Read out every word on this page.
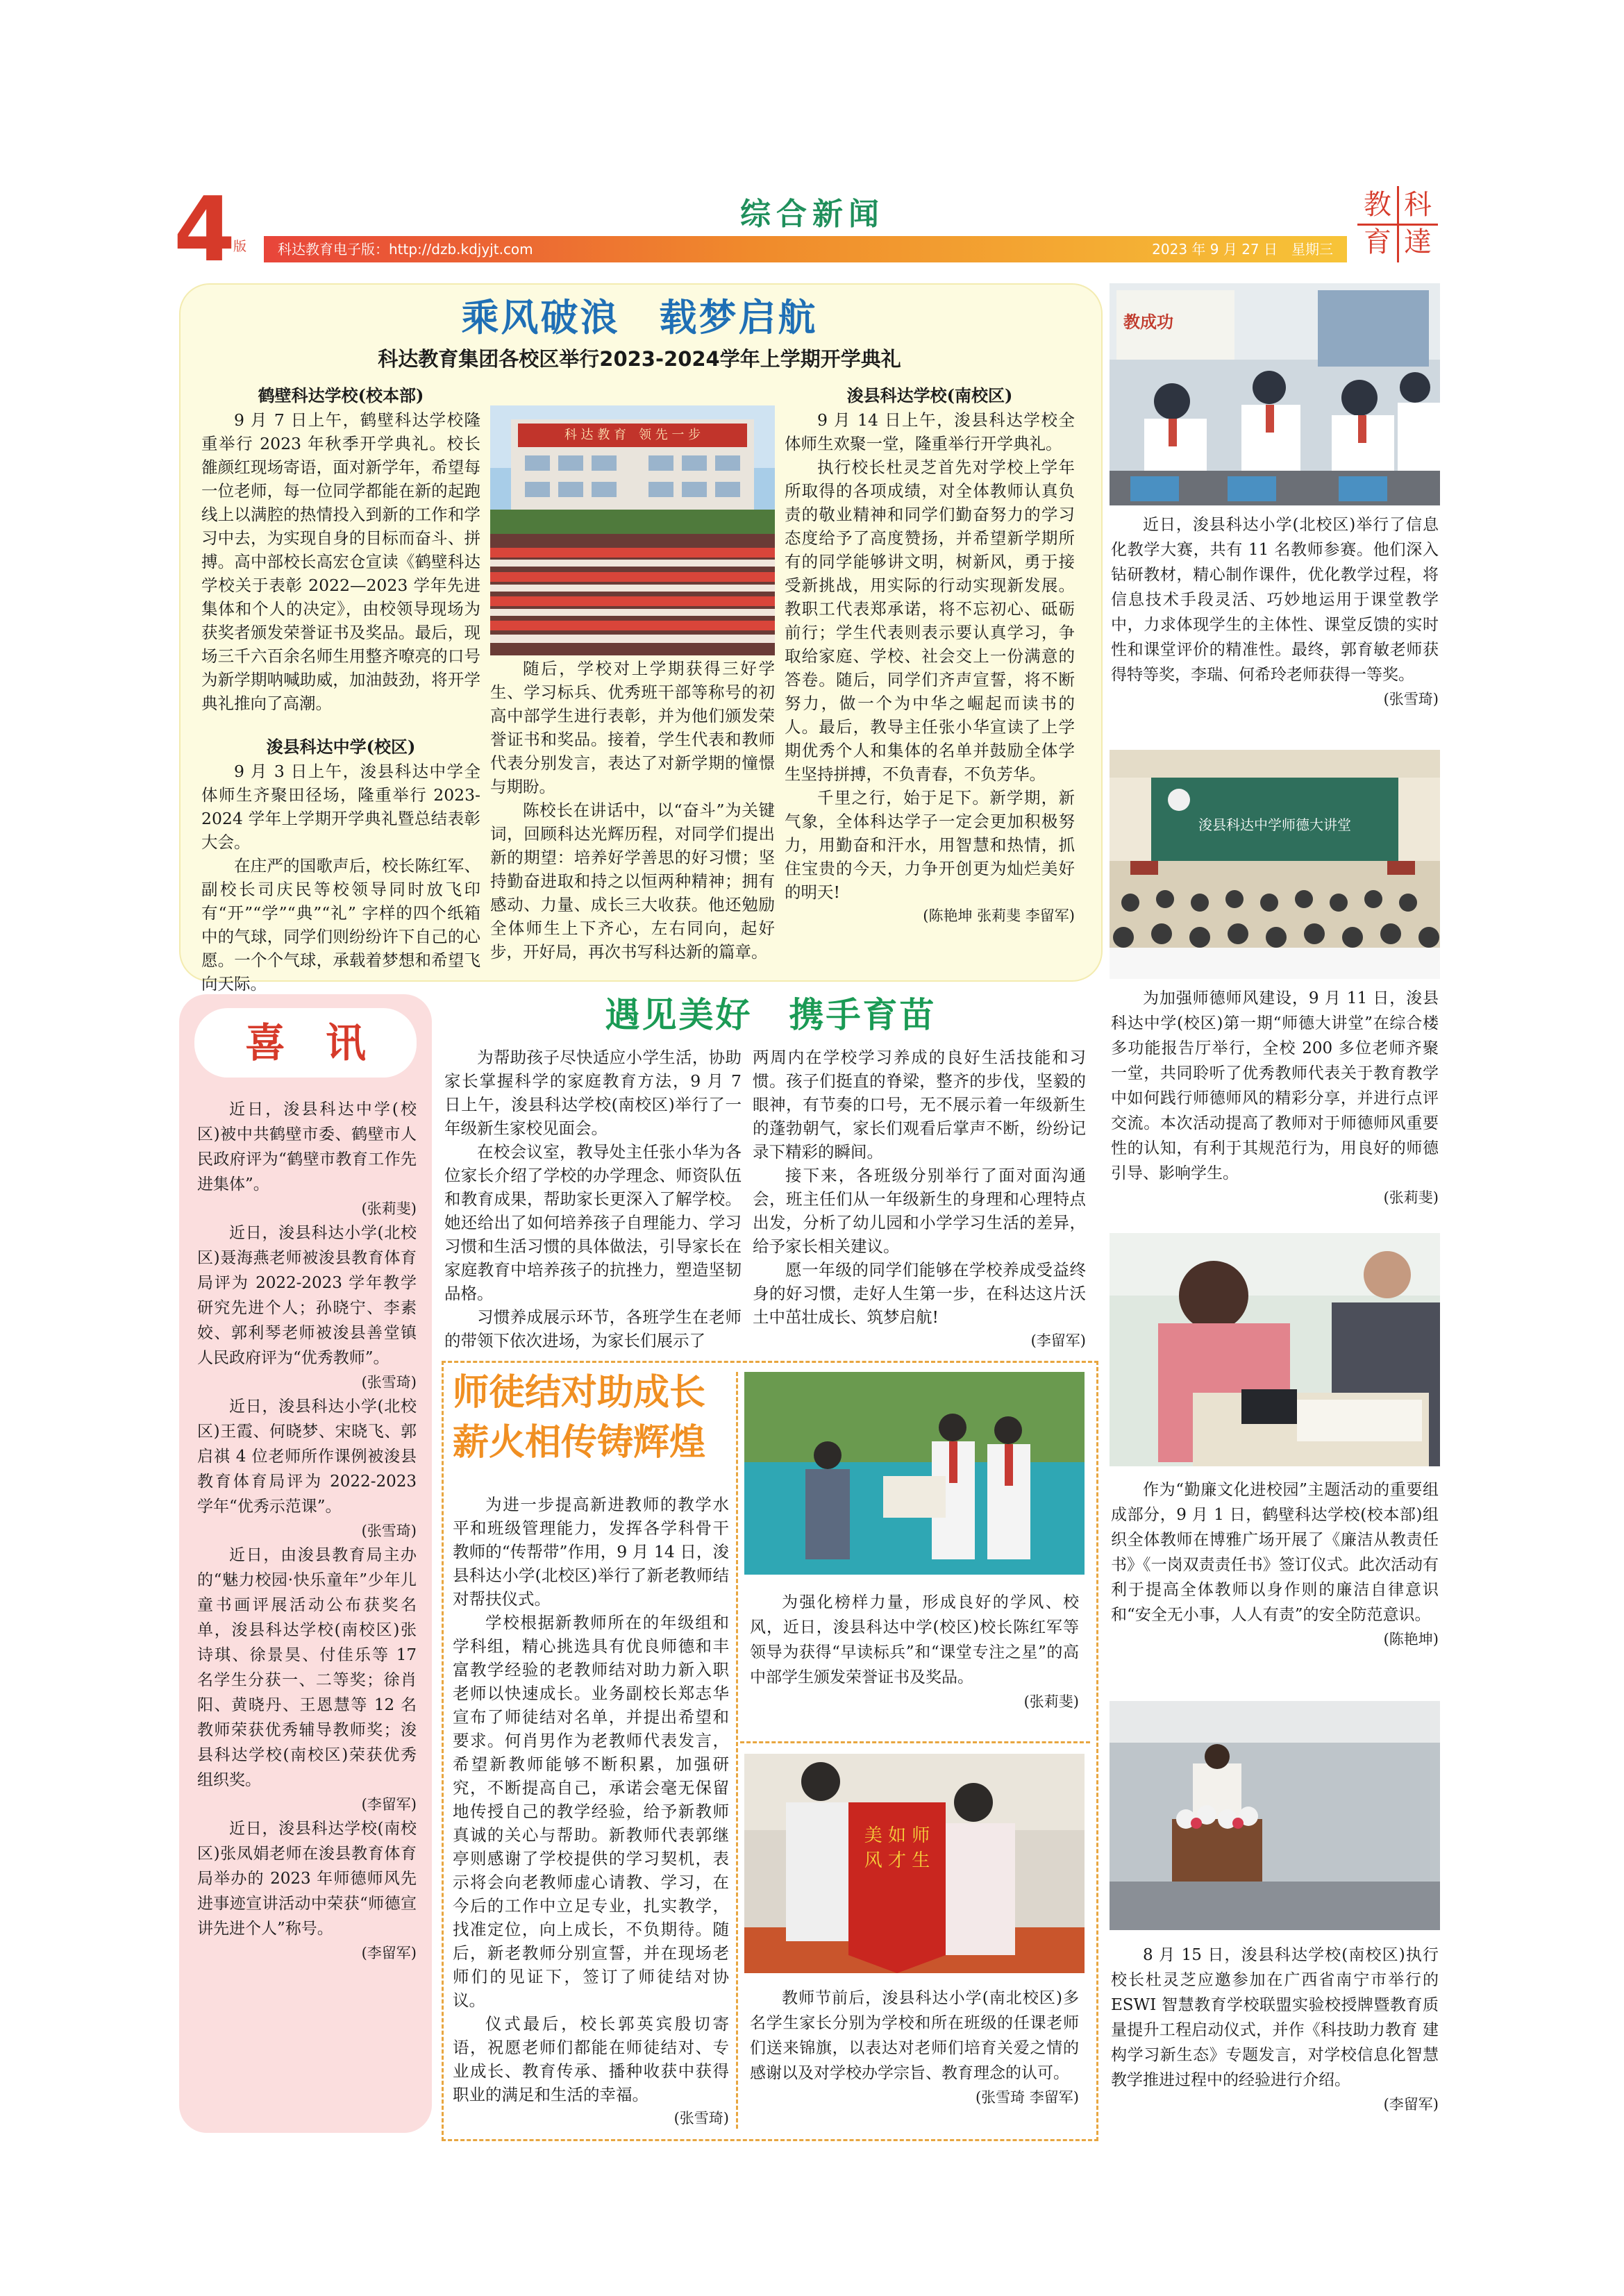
4
版
综合新闻
科达教育电子版：http://dzb.kdjyjt.com	2023 年 9 月 27 日　星期三
教 科
育 達
乘风破浪　载梦启航
科达教育集团各校区举行2023-2024学年上学期开学典礼
鹤壁科达学校(校本部)

9 月 7 日上午，鹤壁科达学校隆重举行 2023 年秋季开学典礼。校长雒颜红现场寄语，面对新学年，希望每一位老师，每一位同学都能在新的起跑线上以满腔的热情投入到新的工作和学习中去，为实现自身的目标而奋斗、拼搏。高中部校长高宏仓宣读《鹤壁科达学校关于表彰 2022—2023 学年先进集体和个人的决定》，由校领导现场为获奖者颁发荣誉证书及奖品。最后，现场三千六百余名师生用整齐嘹亮的口号为新学期呐喊助威，加油鼓劲，将开学典礼推向了高潮。

浚县科达中学(校区)

9 月 3 日上午，浚县科达中学全体师生齐聚田径场，隆重举行 2023-2024 学年上学期开学典礼暨总结表彰大会。

在庄严的国歌声后，校长陈红军、副校长司庆民等校领导同时放飞印有“开”“学”“典”“礼” 字样的四个纸箱中的气球，同学们则纷纷许下自己的心愿。一个个气球，承载着梦想和希望飞向天际。

科 达 教 育　领 先 一 步

随后，学校对上学期获得三好学生、学习标兵、优秀班干部等称号的初高中部学生进行表彰，并为他们颁发荣誉证书和奖品。接着，学生代表和教师代表分别发言，表达了对新学期的憧憬与期盼。

陈校长在讲话中，以“奋斗”为关键词，回顾科达光辉历程，对同学们提出新的期望：培养好学善思的好习惯；坚持勤奋进取和持之以恒两种精神；拥有感动、力量、成长三大收获。他还勉励全体师生上下齐心，左右同向，起好步，开好局，再次书写科达新的篇章。

浚县科达学校(南校区)

9 月 14 日上午，浚县科达学校全体师生欢聚一堂，隆重举行开学典礼。

执行校长杜灵芝首先对学校上学年所取得的各项成绩，对全体教师认真负责的敬业精神和同学们勤奋努力的学习态度给予了高度赞扬，并希望新学期所有的同学能够讲文明，树新风，勇于接受新挑战，用实际的行动实现新发展。教职工代表郑承诺，将不忘初心、砥砺前行；学生代表则表示要认真学习，争取给家庭、学校、社会交上一份满意的答卷。随后，同学们齐声宣誓，将不断努力，做一个为中华之崛起而读书的人。最后，教导主任张小华宣读了上学期优秀个人和集体的名单并鼓励全体学生坚持拼搏，不负青春，不负芳华。

千里之行，始于足下。新学期，新气象，全体科达学子一定会更加积极努力，用勤奋和汗水，用智慧和热情，抓住宝贵的今天，力争开创更为灿烂美好的明天!

(陈艳坤 张莉斐 李留军)
教成功

近日，浚县科达小学(北校区)举行了信息化教学大赛，共有 11 名教师参赛。他们深入钻研教材，精心制作课件，优化教学过程，将信息技术手段灵活、巧妙地运用于课堂教学中，力求体现学生的主体性、课堂反馈的实时性和课堂评价的精准性。最终，郭育敏老师获得特等奖，李瑞、何希玲老师获得一等奖。

(张雪琦)
浚县科达中学师德大讲堂

为加强师德师风建设，9 月 11 日，浚县科达中学(校区)第一期“师德大讲堂”在综合楼多功能报告厅举行，全校 200 多位老师齐聚一堂，共同聆听了优秀教师代表关于教育教学中如何践行师德师风的精彩分享，并进行点评交流。本次活动提高了教师对于师德师风重要性的认知，有利于其规范行为，用良好的师德引导、影响学生。

(张莉斐)

作为“勤廉文化进校园”主题活动的重要组成部分，9 月 1 日，鹤壁科达学校(校本部)组织全体教师在博雅广场开展了《廉洁从教责任书》《一岗双责责任书》签订仪式。此次活动有利于提高全体教师以身作则的廉洁自律意识和“安全无小事，人人有责”的安全防范意识。

(陈艳坤)

8 月 15 日，浚县科达学校(南校区)执行校长杜灵芝应邀参加在广西省南宁市举行的 ESWI 智慧教育学校联盟实验校授牌暨教育质量提升工程启动仪式，并作《科技助力教育 建构学习新生态》专题发言，对学校信息化智慧教学推进过程中的经验进行介绍。

(李留军)
喜　讯

近日，浚县科达中学(校区)被中共鹤壁市委、鹤壁市人民政府评为“鹤壁市教育工作先进集体”。

(张莉斐)

近日，浚县科达小学(北校区)聂海燕老师被浚县教育体育局评为 2022-2023 学年教学研究先进个人；孙晓宁、李素姣、郭利琴老师被浚县善堂镇人民政府评为“优秀教师”。

(张雪琦)

近日，浚县科达小学(北校区)王霞、何晓梦、宋晓飞、郭启祺 4 位老师所作课例被浚县教育体育局评为 2022-2023 学年“优秀示范课”。

(张雪琦)

近日，由浚县教育局主办的“魅力校园·快乐童年”少年儿童书画评展活动公布获奖名单，浚县科达学校(南校区)张诗琪、徐景昊、付佳乐等 17 名学生分获一、二等奖；徐肖阳、黄晓丹、王恩慧等 12 名教师荣获优秀辅导教师奖；浚县科达学校(南校区)荣获优秀组织奖。

(李留军)

近日，浚县科达学校(南校区)张凤娟老师在浚县教育体育局举办的 2023 年师德师风先进事迹宣讲活动中荣获“师德宣讲先进个人”称号。

(李留军)
遇见美好　携手育苗

为帮助孩子尽快适应小学生活，协助家长掌握科学的家庭教育方法，9 月 7 日上午，浚县科达学校(南校区)举行了一年级新生家校见面会。

在校会议室，教导处主任张小华为各位家长介绍了学校的办学理念、师资队伍和教育成果，帮助家长更深入了解学校。她还给出了如何培养孩子自理能力、学习习惯和生活习惯的具体做法，引导家长在家庭教育中培养孩子的抗挫力，塑造坚韧品格。

习惯养成展示环节，各班学生在老师的带领下依次进场，为家长们展示了

两周内在学校学习养成的良好生活技能和习惯。孩子们挺直的脊梁，整齐的步伐，坚毅的眼神，有节奏的口号，无不展示着一年级新生的蓬勃朝气，家长们观看后掌声不断，纷纷记录下精彩的瞬间。

接下来，各班级分别举行了面对面沟通会，班主任们从一年级新生的身理和心理特点出发，分析了幼儿园和小学学习生活的差异，给予家长相关建议。

愿一年级的同学们能够在学校养成受益终身的好习惯，走好人生第一步，在科达这片沃土中茁壮成长、筑梦启航!

(李留军)
师徒结对助成长
薪火相传铸辉煌

为进一步提高新进教师的教学水平和班级管理能力，发挥各学科骨干教师的“传帮带”作用，9 月 14 日，浚县科达小学(北校区)举行了新老教师结对帮扶仪式。

学校根据新教师所在的年级组和学科组，精心挑选具有优良师德和丰富教学经验的老教师结对助力新入职老师以快速成长。业务副校长郑志华宣布了师徒结对名单，并提出希望和要求。何肖男作为老教师代表发言，希望新教师能够不断积累，加强研究，不断提高自己，承诺会毫无保留地传授自己的教学经验，给予新教师真诚的关心与帮助。新教师代表郭继亭则感谢了学校提供的学习契机，表示将会向老教师虚心请教、学习，在今后的工作中立足专业，扎实教学，找准定位，向上成长，不负期待。随后，新老教师分别宣誓，并在现场老师们的见证下，签订了师徒结对协议。

仪式最后，校长郭英宾殷切寄语，祝愿老师们都能在师徒结对、专业成长、教育传承、播种收获中获得职业的满足和生活的幸福。

(张雪琦)

为强化榜样力量，形成良好的学风、校风，近日，浚县科达中学(校区)校长陈红军等领导为获得“早读标兵”和“课堂专注之星”的高中部学生颁发荣誉证书及奖品。

(张莉斐)
美 如 师 风 才 生

教师节前后，浚县科达小学(南北校区)多名学生家长分别为学校和所在班级的任课老师们送来锦旗，以表达对老师们培育关爱之情的感谢以及对学校办学宗旨、教育理念的认可。

(张雪琦 李留军)
